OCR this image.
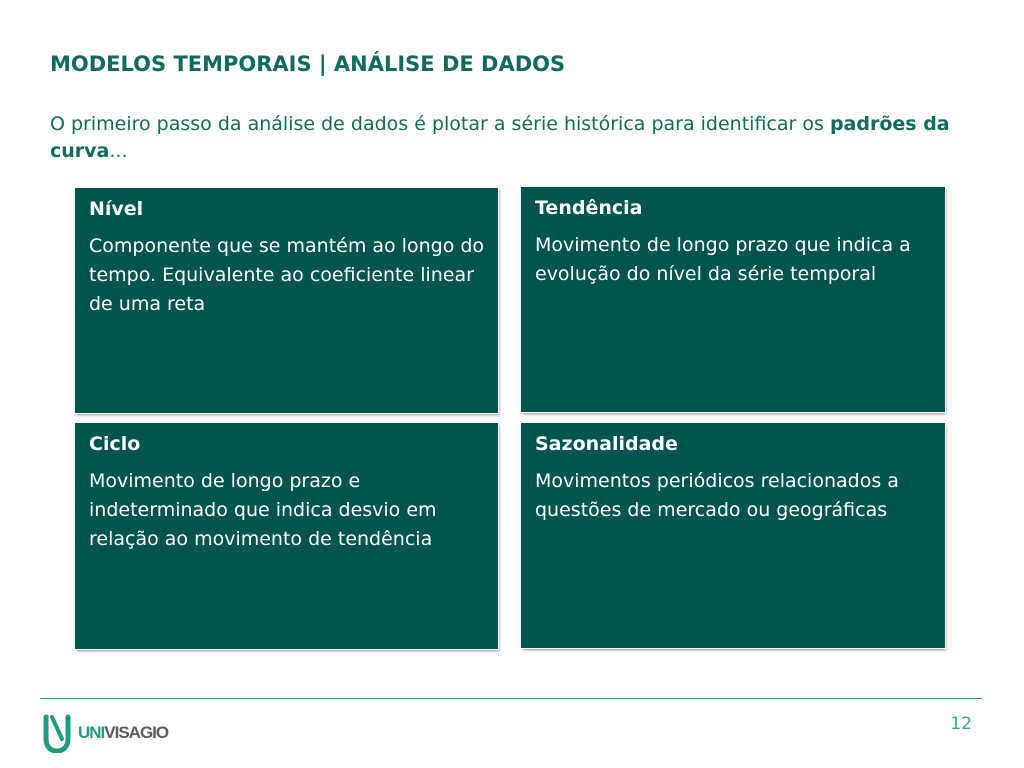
MODELOS TEMPORAIS | ANÁLISE DE DADOS
O primeiro passo da análise de dados é plotar a série histórica para identificar os padrões da curva...
Nível
Componente que se mantém ao longo do tempo. Equivalente ao coeficiente linear de uma reta
Tendência
Movimento de longo prazo que indica a evolução do nível da série temporal
Ciclo
Movimento de longo prazo e indeterminado que indica desvio em relação ao movimento de tendência
Sazonalidade
Movimentos periódicos relacionados a questões de mercado ou geográficas
UNIVISAGIO	12
